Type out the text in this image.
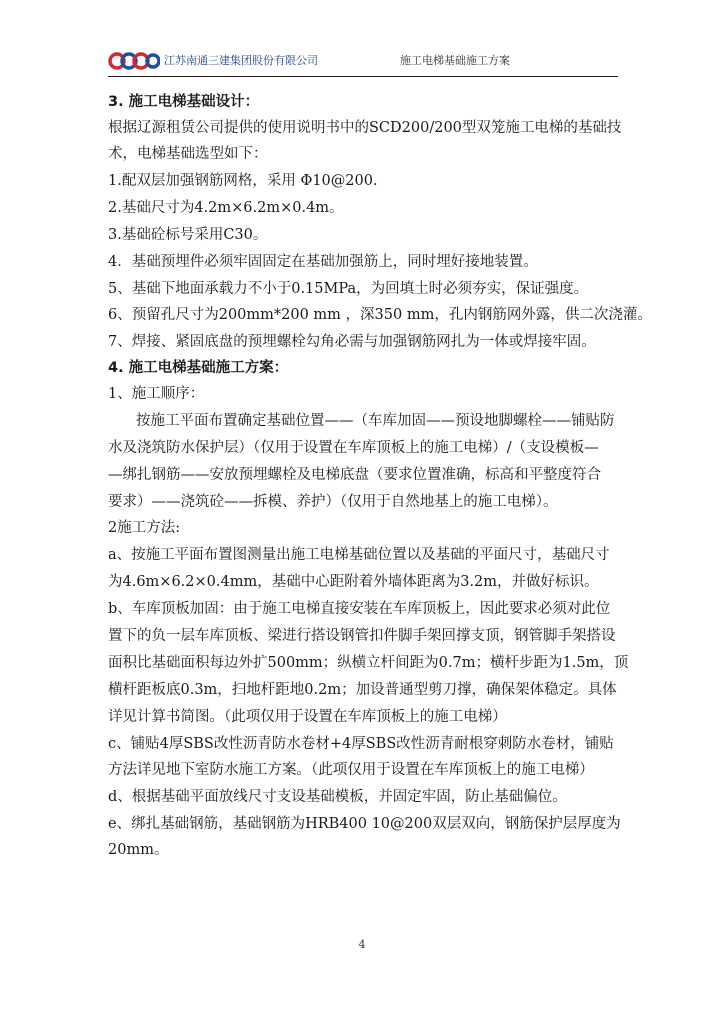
江苏南通三建集团股份有限公司	施工电梯基础施工方案
3. 施工电梯基础设计：
根据辽源租赁公司提供的使用说明书中的SCD200/200型双笼施工电梯的基础技
术，电梯基础选型如下：
1.配双层加强钢筋网格，采用 Φ10@200.
2.基础尺寸为4.2m×6.2m×0.4m。
3.基础砼标号采用C30。
4．基础预埋件必须牢固固定在基础加强筋上，同时埋好接地装置。
5、基础下地面承载力不小于0.15MPa，为回填土时必须夯实，保证强度。
6、预留孔尺寸为200mm*200 mm ，深350 mm，孔内钢筋网外露，供二次浇灌。
7、焊接、紧固底盘的预埋螺栓勾角必需与加强钢筋网扎为一体或焊接牢固。
4. 施工电梯基础施工方案：
1、施工顺序：
按施工平面布置确定基础位置——（车库加固——预设地脚螺栓——铺贴防
水及浇筑防水保护层）（仅用于设置在车库顶板上的施工电梯）/（支设模板—
—绑扎钢筋——安放预埋螺栓及电梯底盘（要求位置准确，标高和平整度符合
要求）——浇筑砼——拆模、养护）（仅用于自然地基上的施工电梯）。
2施工方法:
a、按施工平面布置图测量出施工电梯基础位置以及基础的平面尺寸，基础尺寸
为4.6m×6.2×0.4mm，基础中心距附着外墙体距离为3.2m，并做好标识。
b、车库顶板加固：由于施工电梯直接安装在车库顶板上，因此要求必须对此位
置下的负一层车库顶板、梁进行搭设钢管扣件脚手架回撑支顶，钢管脚手架搭设
面积比基础面积每边外扩500mm；纵横立杆间距为0.7m；横杆步距为1.5m，顶
横杆距板底0.3m，扫地杆距地0.2m；加设普通型剪刀撑，确保架体稳定。具体
详见计算书简图。（此项仅用于设置在车库顶板上的施工电梯）
c、铺贴4厚SBS改性沥青防水卷材+4厚SBS改性沥青耐根穿刺防水卷材，铺贴
方法详见地下室防水施工方案。（此项仅用于设置在车库顶板上的施工电梯）
d、根据基础平面放线尺寸支设基础模板，并固定牢固，防止基础偏位。
e、绑扎基础钢筋，基础钢筋为HRB400 10@200双层双向，钢筋保护层厚度为
20mm。
4
